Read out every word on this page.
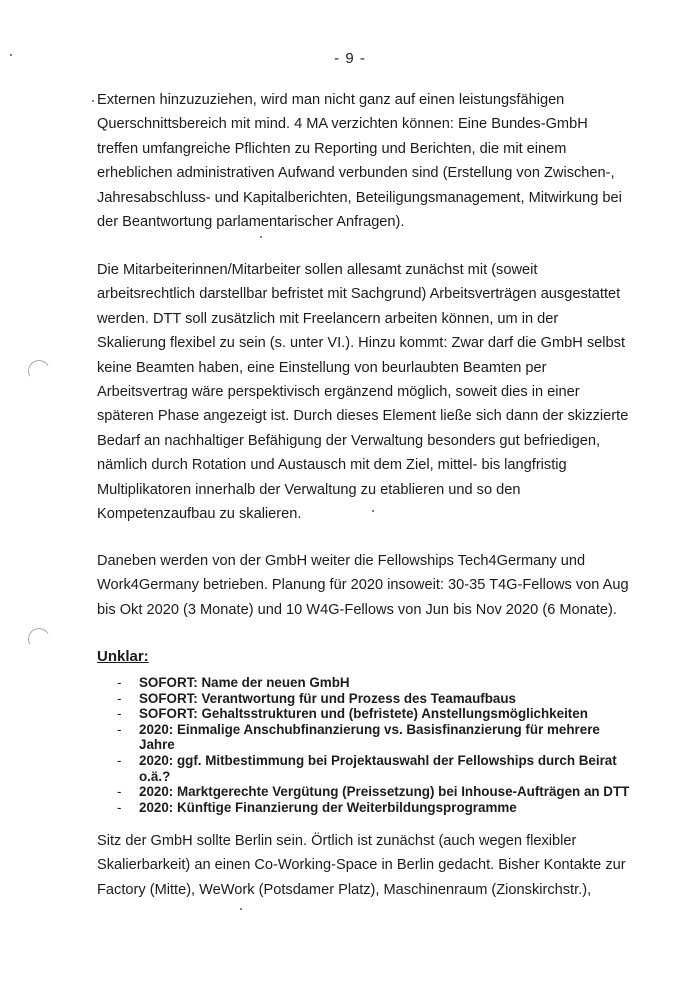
- 9 -
Externen hinzuzuziehen, wird man nicht ganz auf einen leistungsfähigen
Querschnittsbereich mit mind. 4 MA verzichten können: Eine Bundes-GmbH
treffen umfangreiche Pflichten zu Reporting und Berichten, die mit einem
erheblichen administrativen Aufwand verbunden sind (Erstellung von Zwischen-,
Jahresabschluss- und Kapitalberichten, Beteiligungsmanagement, Mitwirkung bei
der Beantwortung parlamentarischer Anfragen).
Die Mitarbeiterinnen/Mitarbeiter sollen allesamt zunächst mit (soweit
arbeitsrechtlich darstellbar befristet mit Sachgrund) Arbeitsverträgen ausgestattet
werden. DTT soll zusätzlich mit Freelancern arbeiten können, um in der
Skalierung flexibel zu sein (s. unter VI.). Hinzu kommt: Zwar darf die GmbH selbst
keine Beamten haben, eine Einstellung von beurlaubten Beamten per
Arbeitsvertrag wäre perspektivisch ergänzend möglich, soweit dies in einer
späteren Phase angezeigt ist. Durch dieses Element ließe sich dann der skizzierte
Bedarf an nachhaltiger Befähigung der Verwaltung besonders gut befriedigen,
nämlich durch Rotation und Austausch mit dem Ziel, mittel- bis langfristig
Multiplikatoren innerhalb der Verwaltung zu etablieren und so den
Kompetenzaufbau zu skalieren.
Daneben werden von der GmbH weiter die Fellowships Tech4Germany und
Work4Germany betrieben. Planung für 2020 insoweit: 30-35 T4G-Fellows von Aug
bis Okt 2020 (3 Monate) und 10 W4G-Fellows von Jun bis Nov 2020 (6 Monate).
Unklar:
- SOFORT: Name der neuen GmbH
- SOFORT: Verantwortung für und Prozess des Teamaufbaus
- SOFORT: Gehaltsstrukturen und (befristete) Anstellungsmöglichkeiten
- 2020: Einmalige Anschubfinanzierung vs. Basisfinanzierung für mehrere
Jahre
- 2020: ggf. Mitbestimmung bei Projektauswahl der Fellowships durch Beirat
o.ä.?
- 2020: Marktgerechte Vergütung (Preissetzung) bei Inhouse-Aufträgen an DTT
- 2020: Künftige Finanzierung der Weiterbildungsprogramme
Sitz der GmbH sollte Berlin sein. Örtlich ist zunächst (auch wegen flexibler
Skalierbarkeit) an einen Co-Working-Space in Berlin gedacht. Bisher Kontakte zur
Factory (Mitte), WeWork (Potsdamer Platz), Maschinenraum (Zionskirchstr.),
